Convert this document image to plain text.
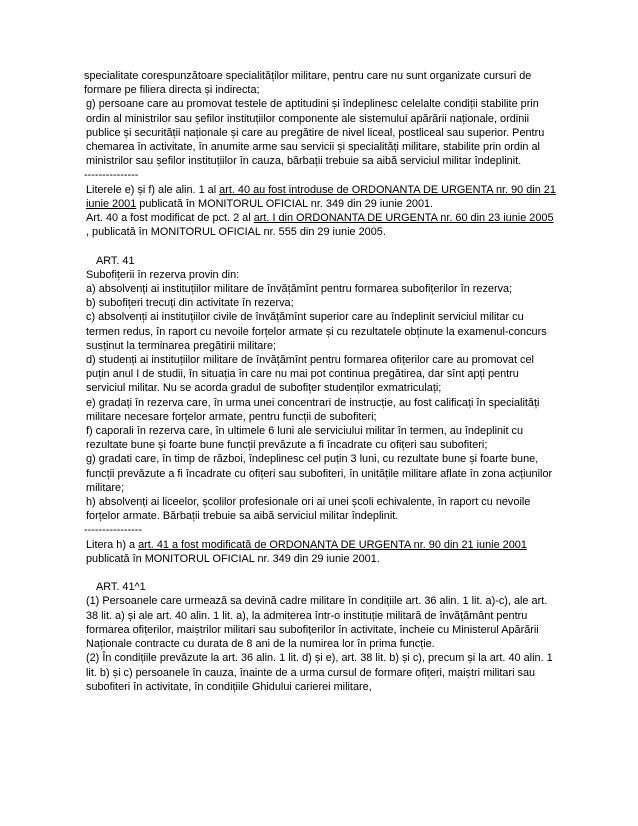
specialitate corespunzătoare specialităților militare, pentru care nu sunt organizate cursuri de formare pe filiera directa și indirecta;

g) persoane care au promovat testele de aptitudini și îndeplinesc celelalte condiții stabilite prin ordin al ministrilor sau șefilor instituțiilor componente ale sistemului apărării naționale, ordinii publice și securității naționale și care au pregătire de nivel liceal, postliceal sau superior. Pentru chemarea în activitate, în anumite arme sau servicii și specialități militare, stabilite prin ordin al ministrilor sau șefilor instituțiilor în cauza, bărbații trebuie sa aibă serviciul militar îndeplinit.

---------------

Literele e) și f) ale alin. 1 al art. 40 au fost introduse de ORDONANTA DE URGENTA nr. 90 din 21 iunie 2001 publicată în MONITORUL OFICIAL nr. 349 din 29 iunie 2001.

Art. 40 a fost modificat de pct. 2 al art. I din ORDONANTA DE URGENTA nr. 60 din 23 iunie 2005 , publicată în MONITORUL OFICIAL nr. 555 din 29 iunie 2005.

ART. 41

Subofițerii în rezerva provin din:

a) absolvenți ai instituțiilor militare de învățămînt pentru formarea subofițerilor în rezerva;

b) subofițeri trecuți din activitate în rezerva;

c) absolvenți ai instituțiilor civile de învățămînt superior care au îndeplinit serviciul militar cu termen redus, în raport cu nevoile forțelor armate și cu rezultatele obținute la examenul-concurs susținut la terminarea pregătirii militare;

d) studenți ai instituțiilor militare de învățămînt pentru formarea ofițerilor care au promovat cel puțin anul I de studii, în situația în care nu mai pot continua pregătirea, dar sînt apți pentru serviciul militar. Nu se acorda gradul de subofițer studenților exmatriculați;

e) gradați în rezerva care, în urma unei concentrari de instrucție, au fost calificați în specialități militare necesare forțelor armate, pentru funcții de subofiteri;

f) caporali în rezerva care, în ultimele 6 luni ale serviciului militar în termen, au îndeplinit cu rezultate bune și foarte bune funcții prevăzute a fi încadrate cu ofițeri sau subofiteri;

g) gradati care, în timp de război, îndeplinesc cel puțin 3 luni, cu rezultate bune și foarte bune, funcții prevăzute a fi încadrate cu ofițeri sau subofiteri, în unitățile militare aflate în zona acțiunilor militare;

h) absolvenți ai liceelor, școlilor profesionale ori ai unei școli echivalente, în raport cu nevoile forțelor armate. Bărbații trebuie sa aibă serviciul militar îndeplinit.

----------------

Litera h) a art. 41 a fost modificată de ORDONANTA DE URGENTA nr. 90 din 21 iunie 2001 publicată în MONITORUL OFICIAL nr. 349 din 29 iunie 2001.

ART. 41^1

(1) Persoanele care urmează sa devină cadre militare în condițiile art. 36 alin. 1 lit. a)-c), ale art. 38 lit. a) și ale art. 40 alin. 1 lit. a), la admiterea într-o instituție militară de învățământ pentru formarea ofițerilor, maiștrilor militari sau subofițerilor în activitate, încheie cu Ministerul Apărării Naționale contracte cu durata de 8 ani de la numirea lor în prima funcție.

(2) În condițiile prevăzute la art. 36 alin. 1 lit. d) și e), art. 38 lit. b) și c), precum și la art. 40 alin. 1 lit. b) și c) persoanele în cauza, înainte de a urma cursul de formare ofițeri, maiștri militari sau subofiteri în activitate, în condițiile Ghidului carierei militare,
